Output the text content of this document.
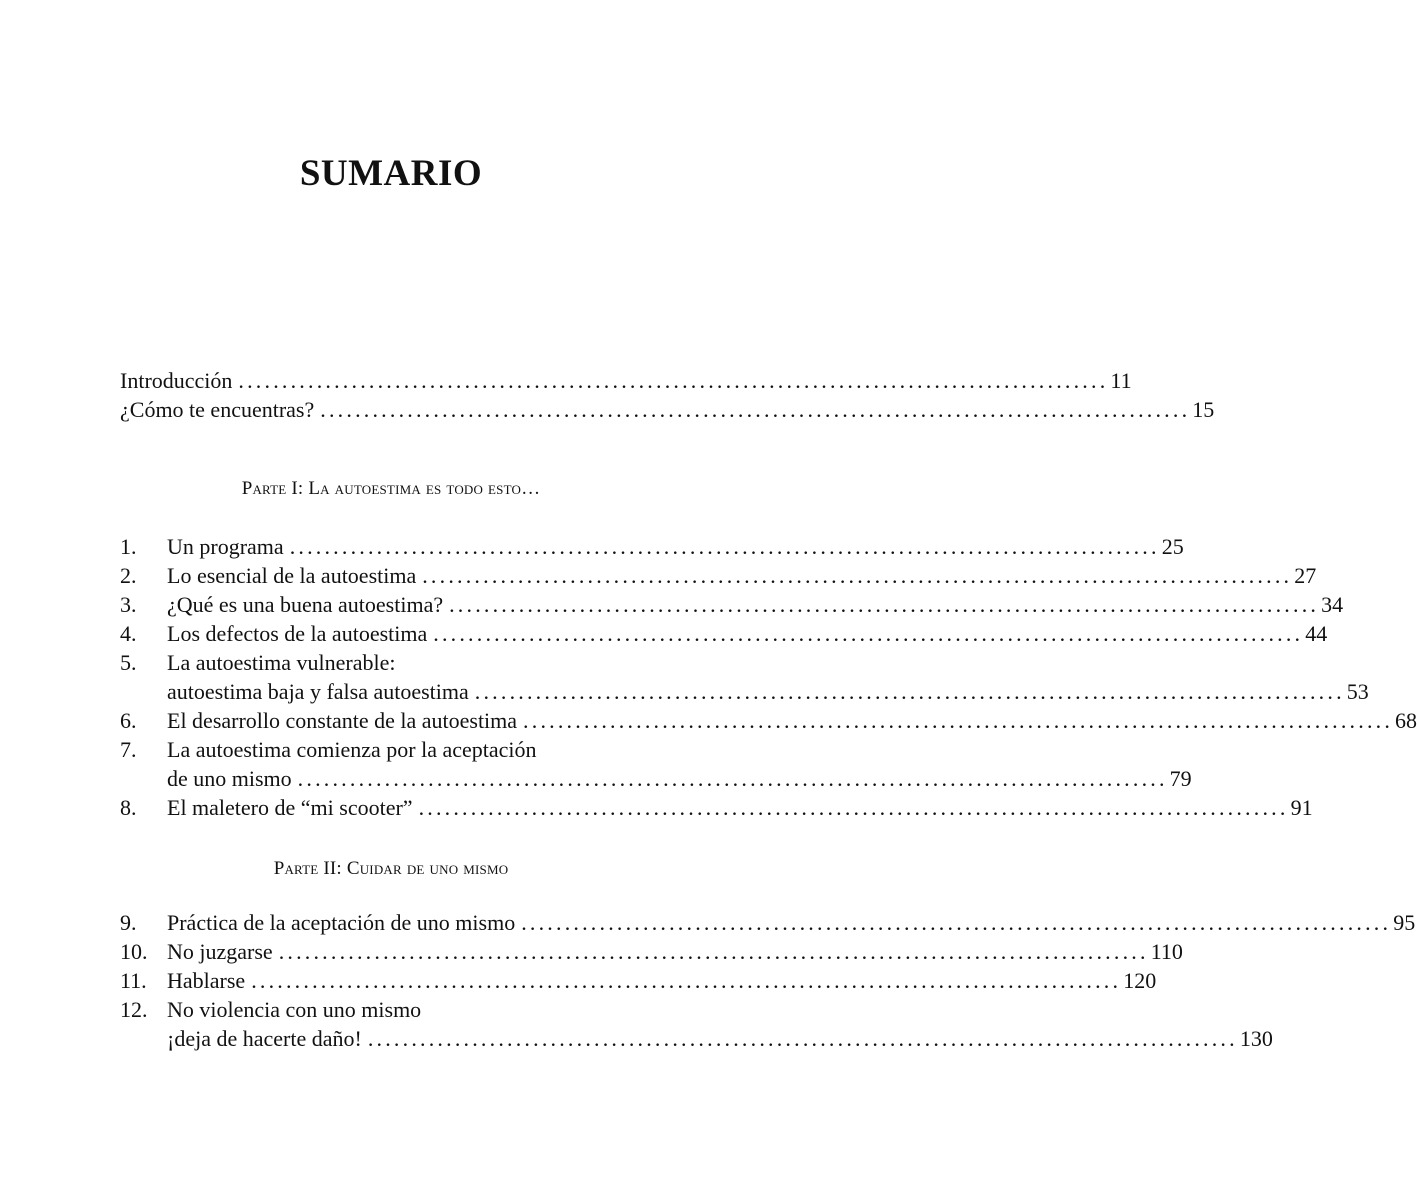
SUMARIO
Introducción .................................................................................................... 11
¿Cómo te encuentras? .................................................................................................... 15
Parte I: La autoestima es todo esto…
1. Un programa .................................................................................................... 25
2. Lo esencial de la autoestima .................................................................................................... 27
3. ¿Qué es una buena autoestima? .................................................................................................... 34
4. Los defectos de la autoestima .................................................................................................... 44
5. La autoestima vulnerable:
autoestima baja y falsa autoestima .................................................................................................... 53
6. El desarrollo constante de la autoestima .................................................................................................... 68
7. La autoestima comienza por la aceptación
de uno mismo .................................................................................................... 79
8. El maletero de “mi scooter” .................................................................................................... 91
Parte II: Cuidar de uno mismo
9. Práctica de la aceptación de uno mismo .................................................................................................... 95
10. No juzgarse .................................................................................................... 110
11. Hablarse .................................................................................................... 120
12. No violencia con uno mismo
¡deja de hacerte daño! .................................................................................................... 130
